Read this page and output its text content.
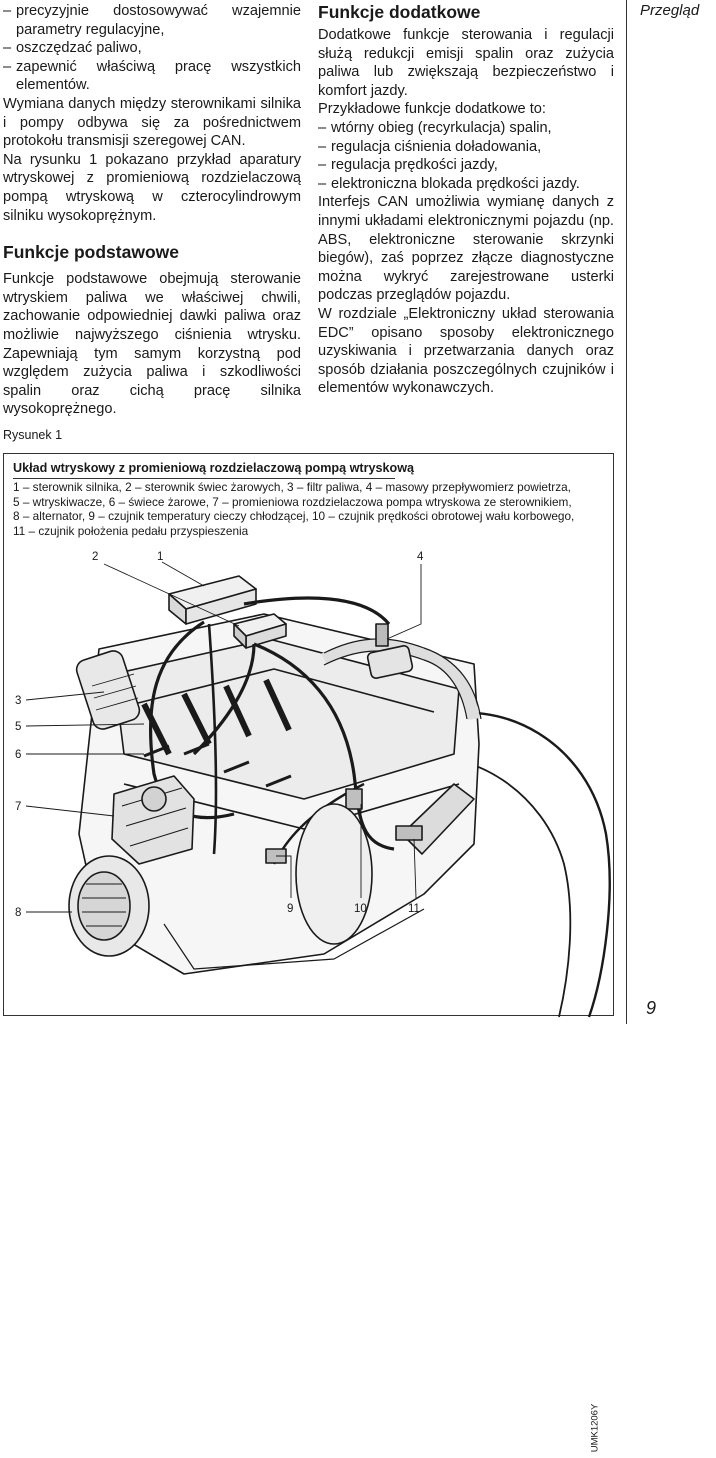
– precyzyjnie dostosowywać wzajemnie parametry regulacyjne,
– oszczędzać paliwo,
– zapewnić właściwą pracę wszystkich elementów.

Wymiana danych między sterownikami silnika i pompy odbywa się za pośrednictwem protokołu transmisji szeregowej CAN.

Na rysunku 1 pokazano przykład aparatury wtryskowej z promieniową rozdzielaczową pompą wtryskową w czterocylindrowym silniku wysokoprężnym.

Funkcje podstawowe

Funkcje podstawowe obejmują sterowanie wtryskiem paliwa we właściwej chwili, zachowanie odpowiedniej dawki paliwa oraz możliwie najwyższego ciśnienia wtrysku. Zapewniają tym samym korzystną pod względem zużycia paliwa i szkodliwości spalin oraz cichą pracę silnika wysokoprężnego.

Funkcje dodatkowe

Dodatkowe funkcje sterowania i regulacji służą redukcji emisji spalin oraz zużycia paliwa lub zwiększają bezpieczeństwo i komfort jazdy.

Przykładowe funkcje dodatkowe to:

– wtórny obieg (recyrkulacja) spalin,
– regulacja ciśnienia doładowania,
– regulacja prędkości jazdy,
– elektroniczna blokada prędkości jazdy.

Interfejs CAN umożliwia wymianę danych z innymi układami elektronicznymi pojazdu (np. ABS, elektroniczne sterowanie skrzynki biegów), zaś poprzez złącze diagnostyczne można wykryć zarejestrowane usterki podczas przeglądów pojazdu.

W rozdziale „Elektroniczny układ sterowania EDC” opisano sposoby elektronicznego uzyskiwania i przetwarzania danych oraz sposób działania poszczególnych czujników i elementów wykonawczych.

Przegląd
Rysunek 1
2	1	4
3
5
6
7
8	9	10	11
Układ wtryskowy z promieniową rozdzielaczową pompą wtryskową
1 – sterownik silnika, 2 – sterownik świec żarowych, 3 – filtr paliwa, 4 – masowy przepływomierz powietrza, 5 – wtryskiwacze, 6 – świece żarowe, 7 – promieniowa rozdzielaczowa pompa wtryskowa ze sterownikiem, 8 – alternator, 9 – czujnik temperatury cieczy chłodzącej, 10 – czujnik prędkości obrotowej wału korbowego, 11 – czujnik położenia pedału przyspieszenia
UMK1206Y
9
